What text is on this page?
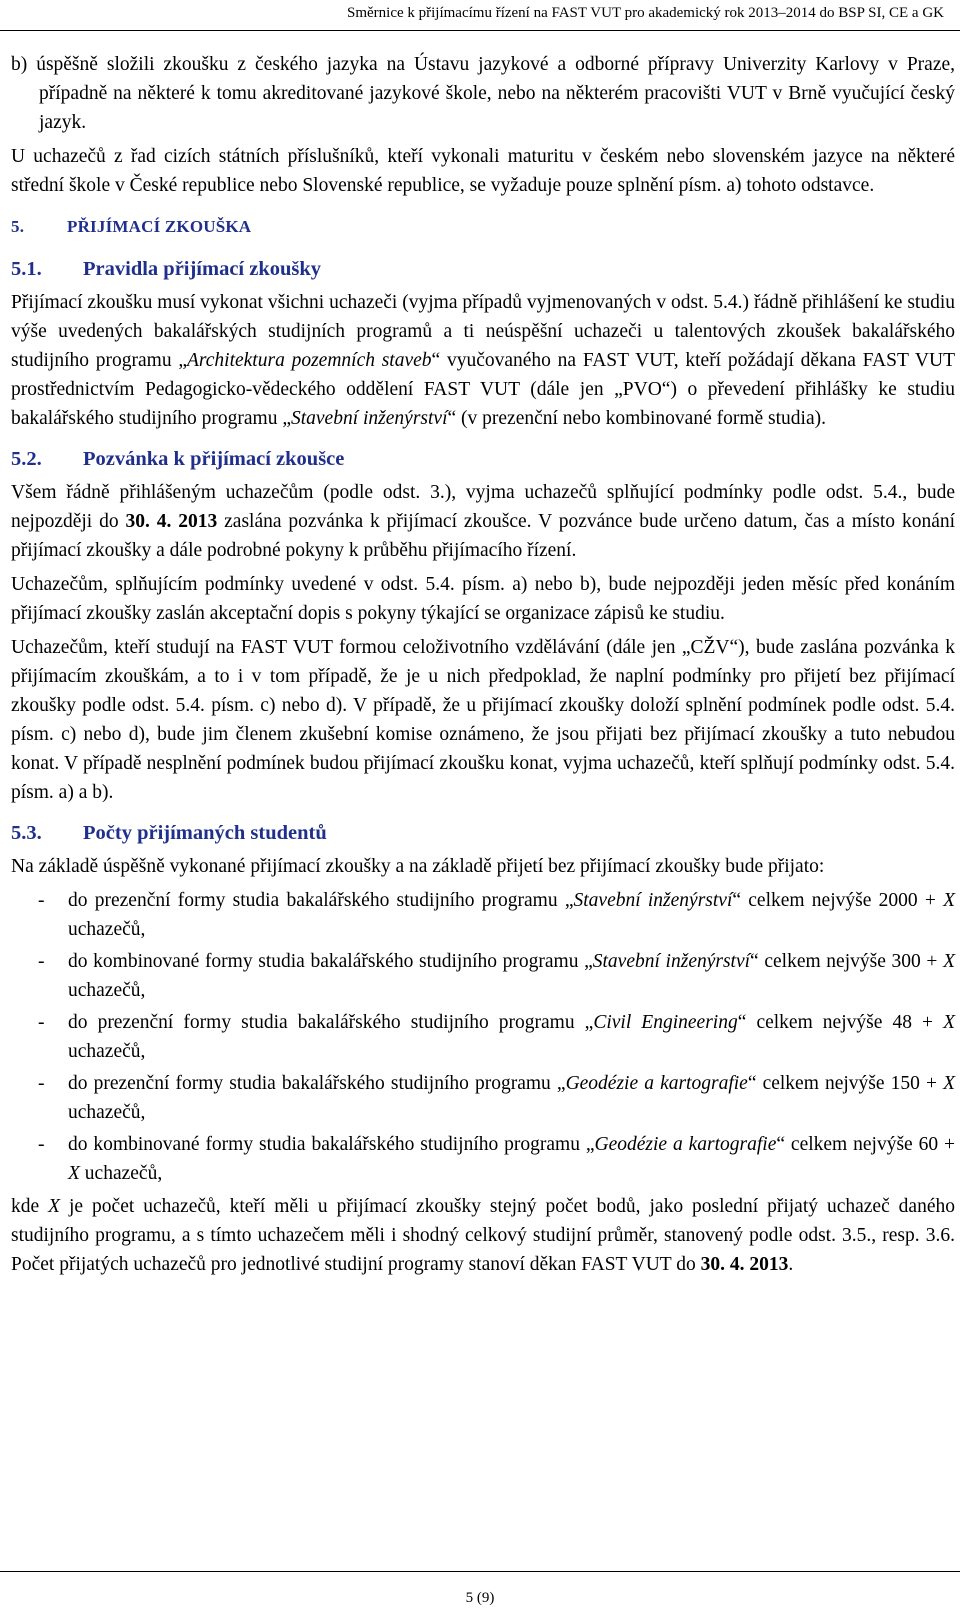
Směrnice k přijímacímu řízení na FAST VUT pro akademický rok 2013–2014 do BSP SI, CE a GK

b) úspěšně složili zkoušku z českého jazyka na Ústavu jazykové a odborné přípravy Univerzity Karlovy v Praze, případně na některé k tomu akreditované jazykové škole, nebo na některém pracovišti VUT v Brně vyučující český jazyk.

U uchazečů z řad cizích státních příslušníků, kteří vykonali maturitu v českém nebo slovenském jazyce na některé střední škole v České republice nebo Slovenské republice, se vyžaduje pouze splnění písm. a) tohoto odstavce.

5.	PŘIJÍMACÍ ZKOUŠKA
5.1. Pravidla přijímací zkoušky

Přijímací zkoušku musí vykonat všichni uchazeči (vyjma případů vyjmenovaných v odst. 5.4.) řádně přihlášení ke studiu výše uvedených bakalářských studijních programů a ti neúspěšní uchazeči u talentových zkoušek bakalářského studijního programu „Architektura pozemních staveb“ vyučovaného na FAST VUT, kteří požádají děkana FAST VUT prostřednictvím Pedagogicko-vědeckého oddělení FAST VUT (dále jen „PVO“) o převedení přihlášky ke studiu bakalářského studijního programu „Stavební inženýrství“ (v prezenční nebo kombinované formě studia).

5.2. Pozvánka k přijímací zkoušce

Všem řádně přihlášeným uchazečům (podle odst. 3.), vyjma uchazečů splňující podmínky podle odst. 5.4., bude nejpozději do 30. 4. 2013 zaslána pozvánka k přijímací zkoušce. V pozvánce bude určeno datum, čas a místo konání přijímací zkoušky a dále podrobné pokyny k průběhu přijímacího řízení.

Uchazečům, splňujícím podmínky uvedené v odst. 5.4. písm. a) nebo b), bude nejpozději jeden měsíc před konáním přijímací zkoušky zaslán akceptační dopis s pokyny týkající se organizace zápisů ke studiu.

Uchazečům, kteří studují na FAST VUT formou celoživotního vzdělávání (dále jen „CŽV“), bude zaslána pozvánka k přijímacím zkouškám, a to i v tom případě, že je u nich předpoklad, že naplní podmínky pro přijetí bez přijímací zkoušky podle odst. 5.4. písm. c) nebo d). V případě, že u přijímací zkoušky doloží splnění podmínek podle odst. 5.4. písm. c) nebo d), bude jim členem zkušební komise oznámeno, že jsou přijati bez přijímací zkoušky a tuto nebudou konat. V případě nesplnění podmínek budou přijímací zkoušku konat, vyjma uchazečů, kteří splňují podmínky odst. 5.4. písm. a) a b).

5.3. Počty přijímaných studentů

Na základě úspěšně vykonané přijímací zkoušky a na základě přijetí bez přijímací zkoušky bude přijato:

- do prezenční formy studia bakalářského studijního programu „Stavební inženýrství“ celkem nejvýše 2000 + X uchazečů,
- do kombinované formy studia bakalářského studijního programu „Stavební inženýrství“ celkem nejvýše 300 + X uchazečů,
- do prezenční formy studia bakalářského studijního programu „Civil Engineering“ celkem nejvýše 48 + X uchazečů,
- do prezenční formy studia bakalářského studijního programu „Geodézie a kartografie“ celkem nejvýše 150 + X uchazečů,
- do kombinované formy studia bakalářského studijního programu „Geodézie a kartografie“ celkem nejvýše 60 + X uchazečů,

kde X je počet uchazečů, kteří měli u přijímací zkoušky stejný počet bodů, jako poslední přijatý uchazeč daného studijního programu, a s tímto uchazečem měli i shodný celkový studijní průměr, stanovený podle odst. 3.5., resp. 3.6. Počet přijatých uchazečů pro jednotlivé studijní programy stanoví děkan FAST VUT do 30. 4. 2013.

5 (9)
